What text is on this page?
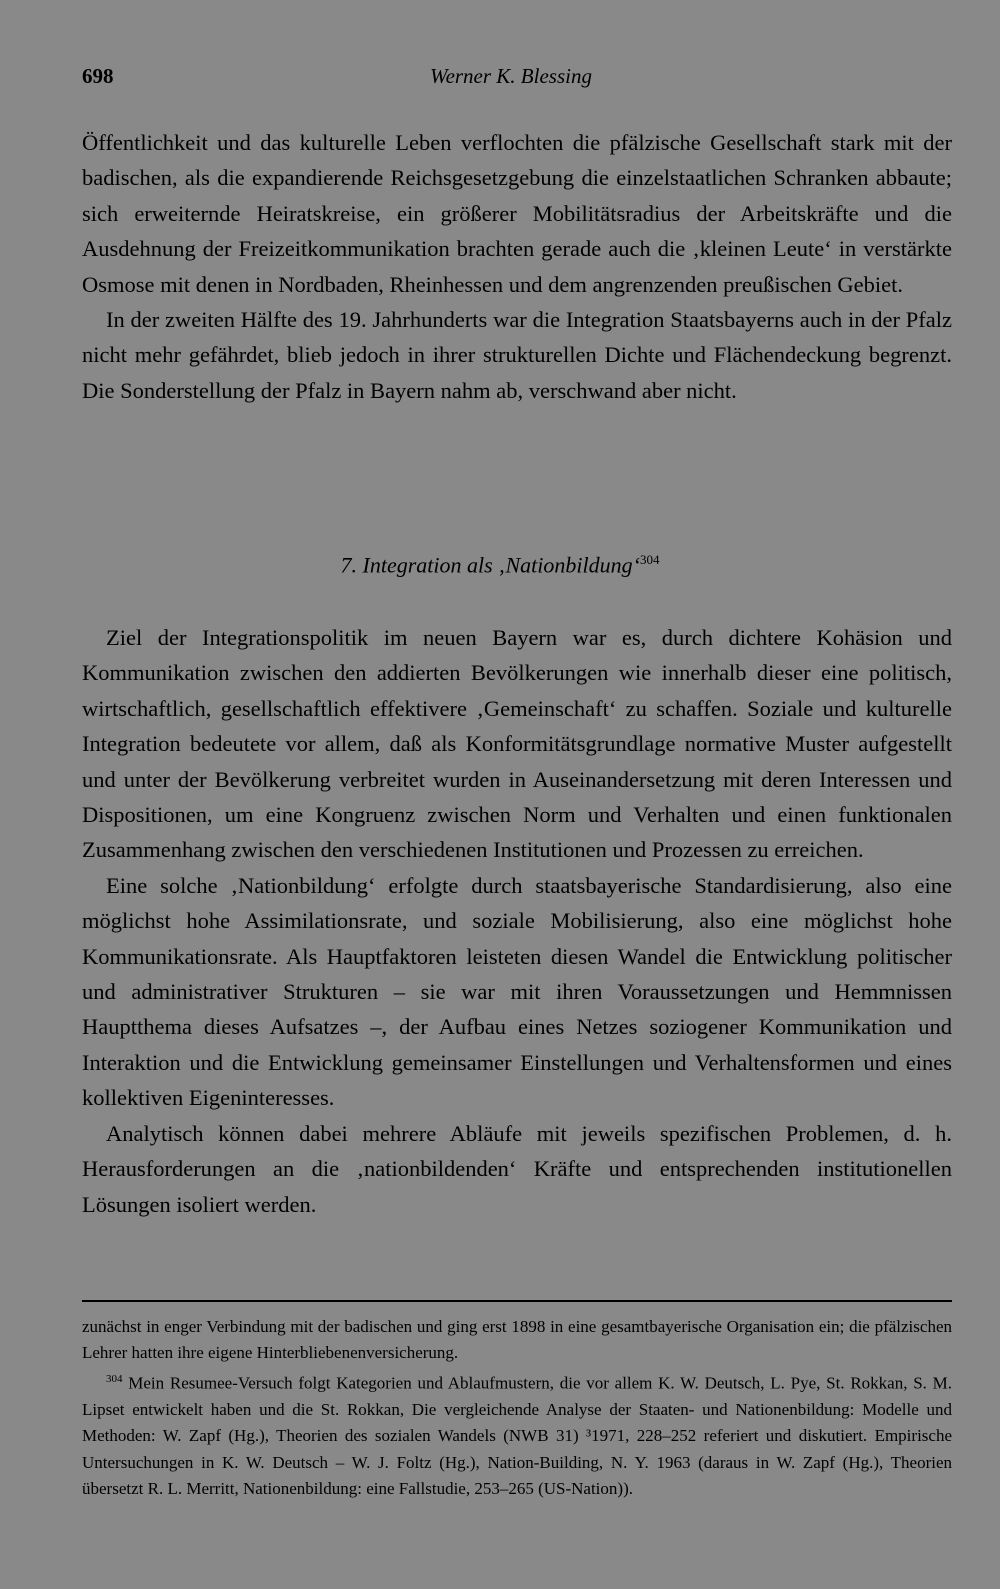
698	Werner K. Blessing

Öffentlichkeit und das kulturelle Leben verflochten die pfälzische Gesellschaft stark mit der badischen, als die expandierende Reichsgesetzgebung die einzelstaatlichen Schranken abbaute; sich erweiternde Heiratskreise, ein größerer Mobilitätsradius der Arbeitskräfte und die Ausdehnung der Freizeitkommunikation brachten gerade auch die ‚kleinen Leute‘ in verstärkte Osmose mit denen in Nordbaden, Rheinhessen und dem angrenzenden preußischen Gebiet.

In der zweiten Hälfte des 19. Jahrhunderts war die Integration Staatsbayerns auch in der Pfalz nicht mehr gefährdet, blieb jedoch in ihrer strukturellen Dichte und Flächendeckung begrenzt. Die Sonderstellung der Pfalz in Bayern nahm ab, verschwand aber nicht.

7. Integration als ‚Nationbildung‘$^{304}$

Ziel der Integrationspolitik im neuen Bayern war es, durch dichtere Kohäsion und Kommunikation zwischen den addierten Bevölkerungen wie innerhalb dieser eine politisch, wirtschaftlich, gesellschaftlich effektivere ‚Gemeinschaft‘ zu schaffen. Soziale und kulturelle Integration bedeutete vor allem, daß als Konformitätsgrundlage normative Muster aufgestellt und unter der Bevölkerung verbreitet wurden in Auseinandersetzung mit deren Interessen und Dispositionen, um eine Kongruenz zwischen Norm und Verhalten und einen funktionalen Zusammenhang zwischen den verschiedenen Institutionen und Prozessen zu erreichen.

Eine solche ‚Nationbildung‘ erfolgte durch staatsbayerische Standardisierung, also eine möglichst hohe Assimilationsrate, und soziale Mobilisierung, also eine möglichst hohe Kommunikationsrate. Als Hauptfaktoren leisteten diesen Wandel die Entwicklung politischer und administrativer Strukturen – sie war mit ihren Voraussetzungen und Hemmnissen Hauptthema dieses Aufsatzes –, der Aufbau eines Netzes soziogener Kommunikation und Interaktion und die Entwicklung gemeinsamer Einstellungen und Verhaltensformen und eines kollektiven Eigeninteresses.

Analytisch können dabei mehrere Abläufe mit jeweils spezifischen Problemen, d. h. Herausforderungen an die ‚nationbildenden‘ Kräfte und entsprechenden institutionellen Lösungen isoliert werden.

zunächst in enger Verbindung mit der badischen und ging erst 1898 in eine gesamtbayerische Organisation ein; die pfälzischen Lehrer hatten ihre eigene Hinterbliebenenversicherung.

$^{304}$ Mein Resumee-Versuch folgt Kategorien und Ablaufmustern, die vor allem K. W. Deutsch, L. Pye, St. Rokkan, S. M. Lipset entwickelt haben und die St. Rokkan, Die vergleichende Analyse der Staaten- und Nationenbildung: Modelle und Methoden: W. Zapf (Hg.), Theorien des sozialen Wandels (NWB 31) ³1971, 228–252 referiert und diskutiert. Empirische Untersuchungen in K. W. Deutsch – W. J. Foltz (Hg.), Nation-Building, N. Y. 1963 (daraus in W. Zapf (Hg.), Theorien übersetzt R. L. Merritt, Nationenbildung: eine Fallstudie, 253–265 (US-Nation)).
